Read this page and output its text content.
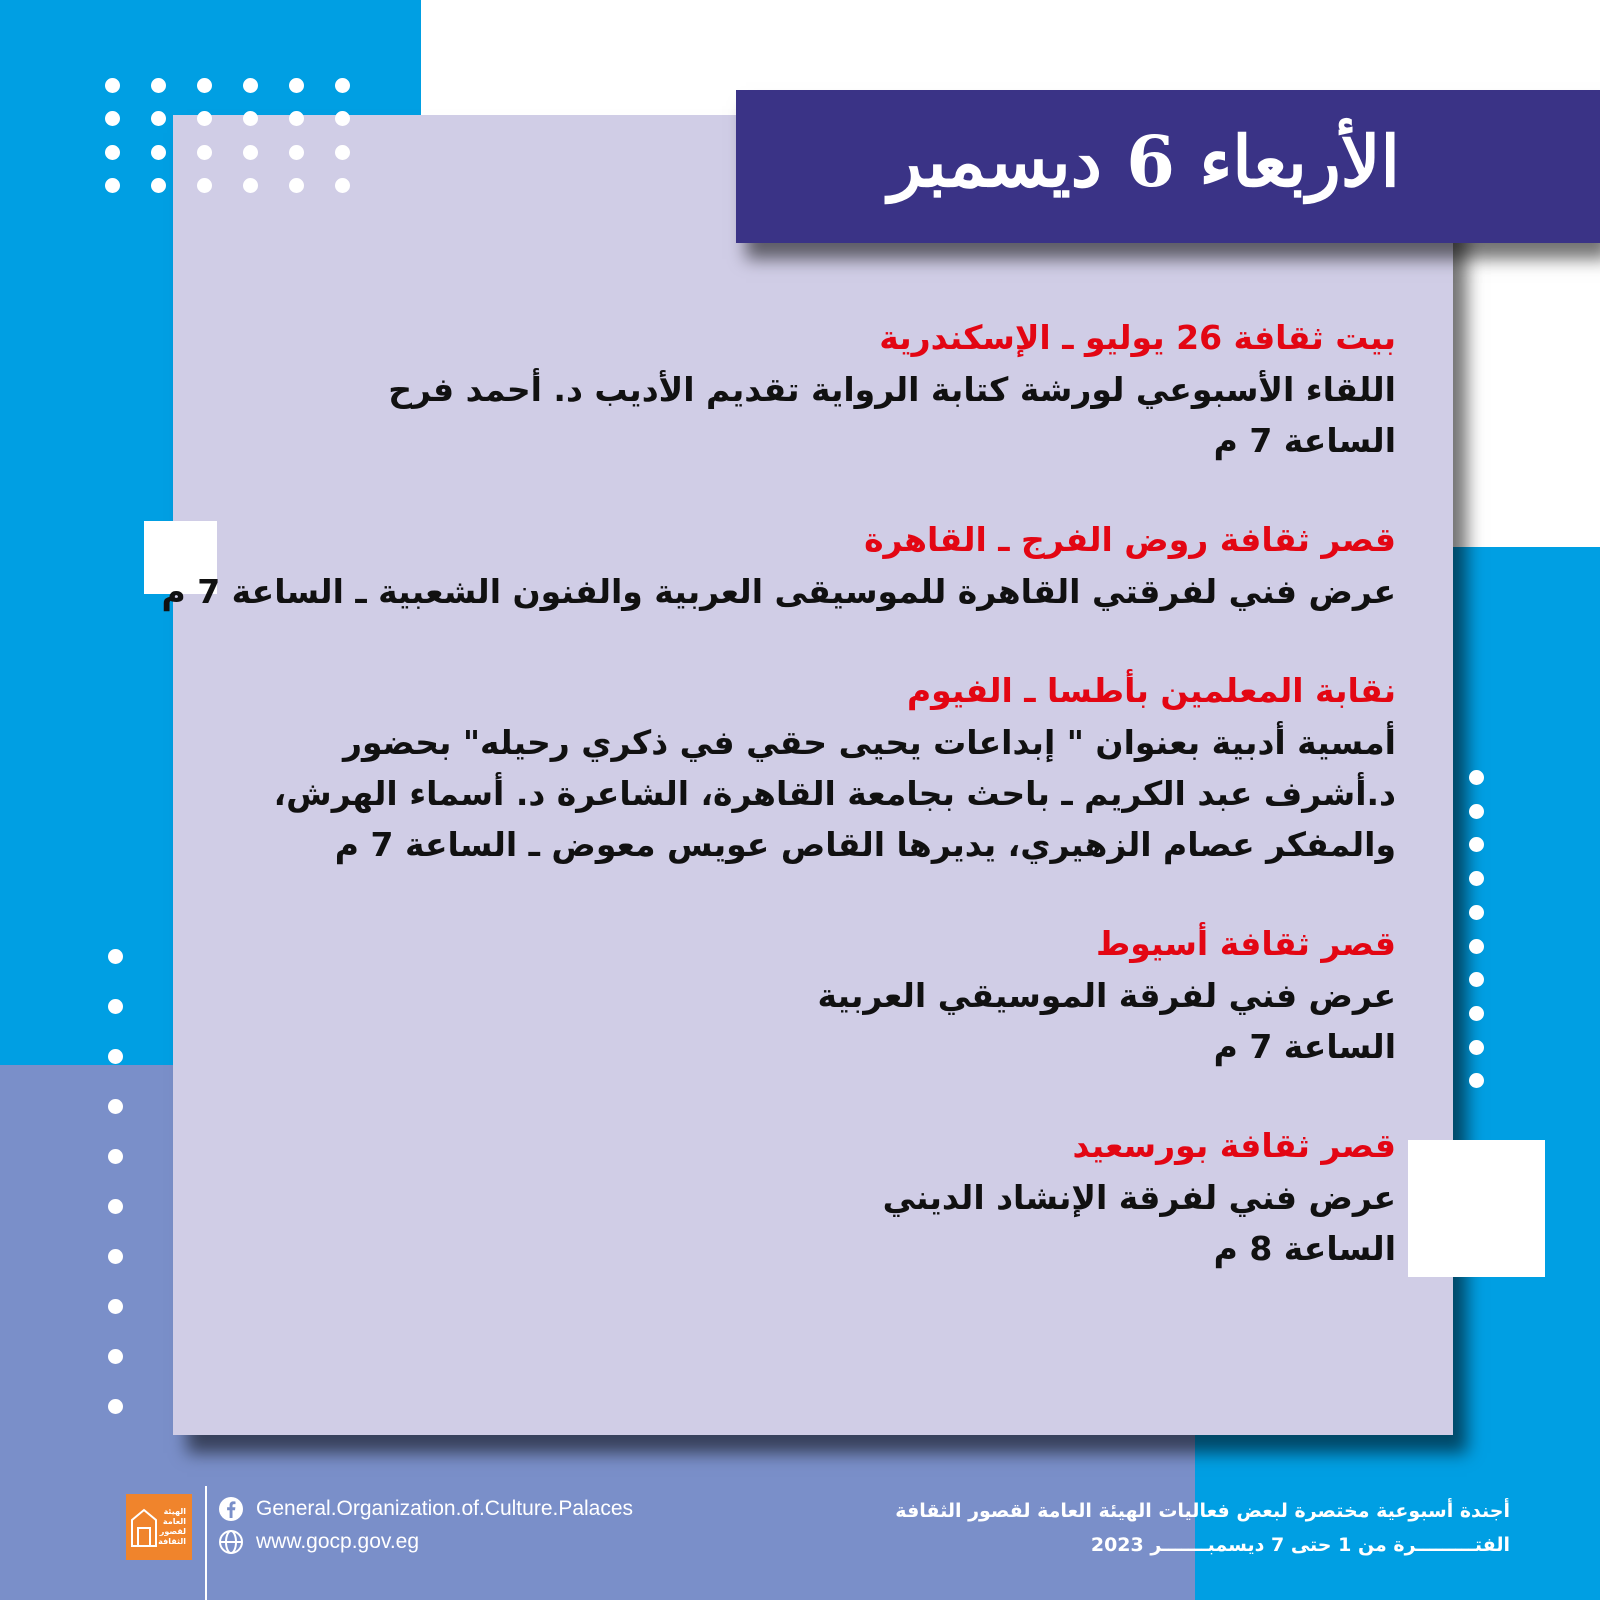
الأربعاء 6 ديسمبر
بيت ثقافة 26 يوليو ـ الإسكندرية
اللقاء الأسبوعي لورشة كتابة الرواية تقديم الأديب د. أحمد فرح
الساعة 7 م
قصر ثقافة روض الفرج ـ القاهرة
عرض فني لفرقتي القاهرة للموسيقى العربية والفنون الشعبية ـ الساعة 7 م
نقابة المعلمين بأطسا ـ الفيوم
أمسية أدبية بعنوان " إبداعات يحيى حقي في ذكري رحيله" بحضور
د.أشرف عبد الكريم ـ باحث بجامعة القاهرة، الشاعرة د. أسماء الهرش،
والمفكر عصام الزهيري، يديرها القاص عويس معوض ـ الساعة 7 م
قصر ثقافة أسيوط
عرض فني لفرقة الموسيقي العربية
الساعة 7 م
قصر ثقافة بورسعيد
عرض فني لفرقة الإنشاد الديني
الساعة 8 م
الهيئة
العامة
لقصور
الثقافة
General.Organization.of.Culture.Palaces
www.gocp.gov.eg
أجندة أسبوعية مختصرة لبعض فعاليات الهيئة العامة لقصور الثقافة
الفتـــــــــرة من 1 حتى 7 ديسمبـــــــر 2023
